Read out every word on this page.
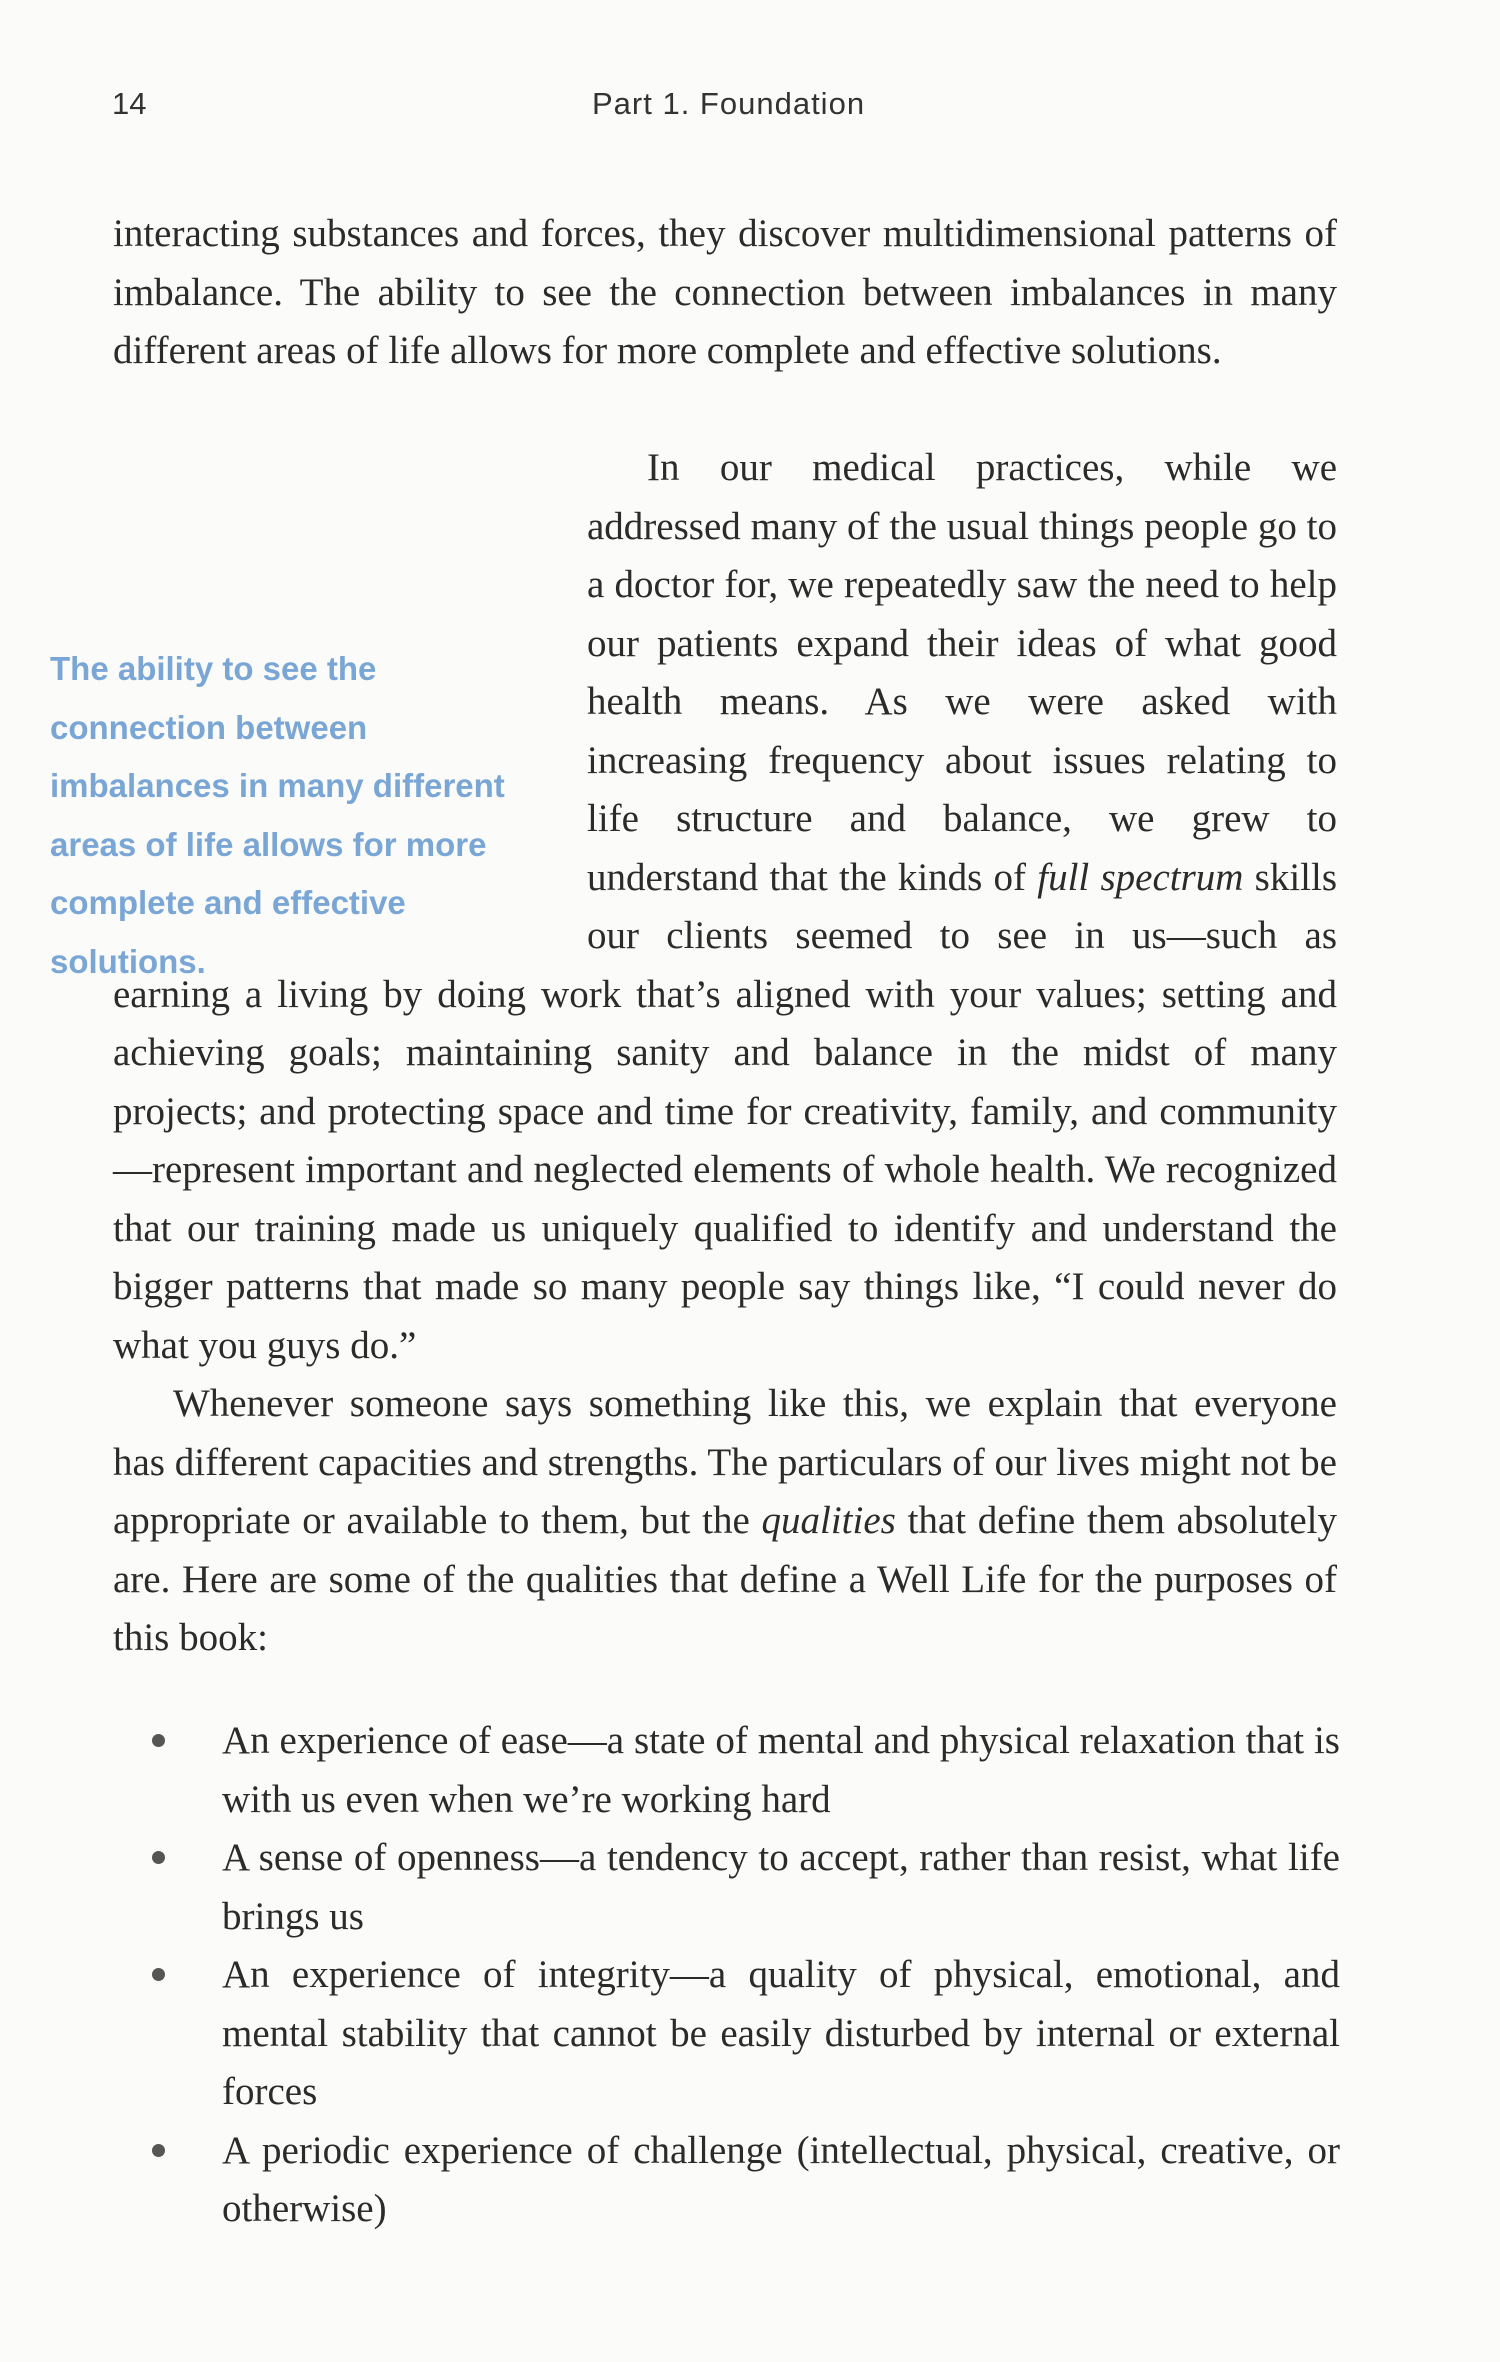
14	Part 1. Foundation

interacting substances and forces, they discover multidimensional patterns of imbalance. The ability to see the connection between imbalances in many different areas of life allows for more complete and effective solutions.

In our medical practices, while we addressed many of the usual things people go to a doctor for, we repeatedly saw the need to help our patients expand their ideas of what good health means. As we were asked with increasing frequency about issues relating to life structure and balance, we grew to understand that the kinds of full spectrum skills our clients seemed to see in us—such as earning a living by doing work that’s aligned with your values; setting and achieving goals; maintaining sanity and balance in the midst of many projects; and protecting space and time for creativity, family, and community—represent important and neglected elements of whole health. We recognized that our training made us uniquely qualified to identify and understand the bigger patterns that made so many people say things like, “I could never do what you guys do.”

The ability to see the connection between imbalances in many different areas of life allows for more complete and effective solutions.

Whenever someone says something like this, we explain that everyone has different capacities and strengths. The particulars of our lives might not be appropriate or available to them, but the qualities that define them absolutely are. Here are some of the qualities that define a Well Life for the purposes of this book:

An experience of ease—a state of mental and physical relaxation that is with us even when we’re working hard
A sense of openness—a tendency to accept, rather than resist, what life brings us
An experience of integrity—a quality of physical, emotional, and mental stability that cannot be easily disturbed by internal or external forces
A periodic experience of challenge (intellectual, physical, creative, or otherwise)
